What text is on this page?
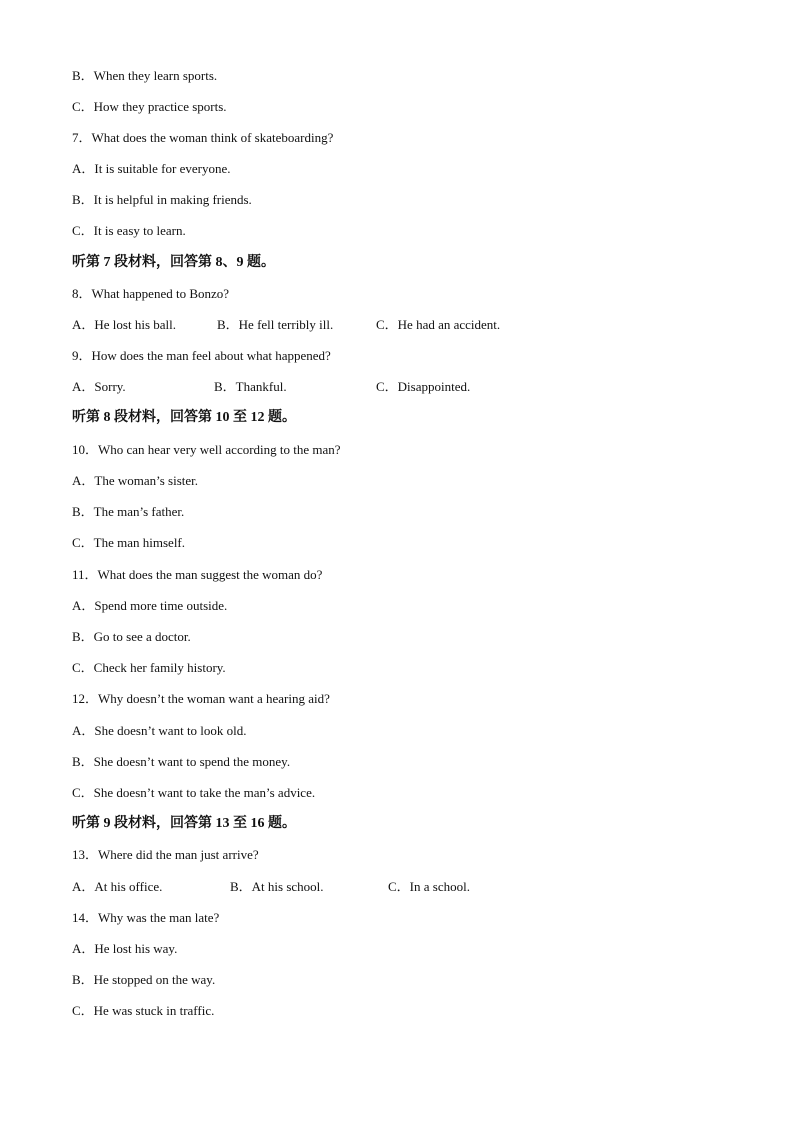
B．When they learn sports.
C．How they practice sports.
7．What does the woman think of skateboarding?
A．It is suitable for everyone.
B．It is helpful in making friends.
C．It is easy to learn.
听第 7 段材料，回答第 8、9 题。
8．What happened to Bonzo?
A．He lost his ball.	B．He fell terribly ill.	C．He had an accident.
9．How does the man feel about what happened?
A．Sorry.	B．Thankful.	C．Disappointed.
听第 8 段材料，回答第 10 至 12 题。
10．Who can hear very well according to the man?
A．The woman’s sister.
B．The man’s father.
C．The man himself.
11．What does the man suggest the woman do?
A．Spend more time outside.
B．Go to see a doctor.
C．Check her family history.
12．Why doesn’t the woman want a hearing aid?
A．She doesn’t want to look old.
B．She doesn’t want to spend the money.
C．She doesn’t want to take the man’s advice.
听第 9 段材料，回答第 13 至 16 题。
13．Where did the man just arrive?
A．At his office.	B．At his school.	C．In a school.
14．Why was the man late?
A．He lost his way.
B．He stopped on the way.
C．He was stuck in traffic.
